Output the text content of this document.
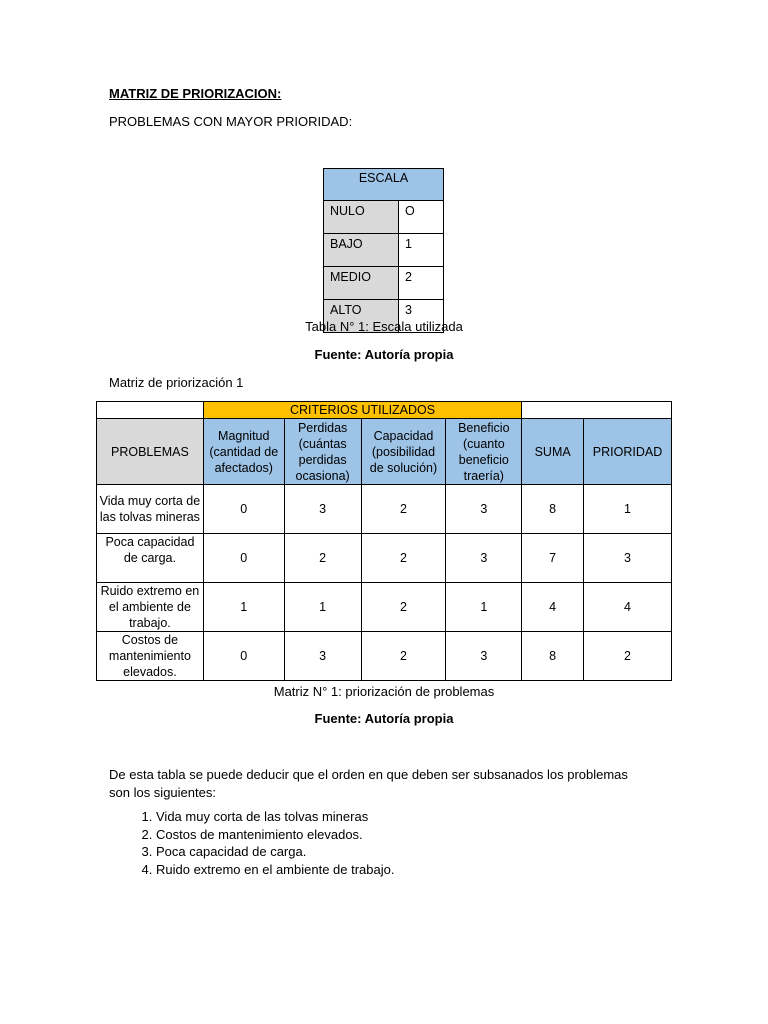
MATRIZ DE PRIORIZACION:
PROBLEMAS CON MAYOR PRIORIDAD:
ESCALA	
NULO	O
BAJO	1
MEDIO	2
ALTO	3
Tabla N° 1: Escala utilizada
Fuente: Autoría propia
Matriz de priorización 1
	CRITERIOS UTILIZADOS					
PROBLEMAS	Magnitud (cantidad de afectados)	Perdidas (cuántas perdidas ocasiona)	Capacidad (posibilidad de solución)	Beneficio (cuanto beneficio traería)	SUMA	PRIORIDAD
Vida muy corta de las tolvas mineras	0	3	2	3	8	1
Poca capacidad de carga.	0	2	2	3	7	3
Ruido extremo en el ambiente de trabajo.	1	1	2	1	4	4
Costos de mantenimiento elevados.	0	3	2	3	8	2
Matriz N° 1: priorización de problemas
Fuente: Autoría propia
De esta tabla se puede deducir que el orden en que deben ser subsanados los problemas son los siguientes:
1. Vida muy corta de las tolvas mineras
2. Costos de mantenimiento elevados.
3. Poca capacidad de carga.
4. Ruido extremo en el ambiente de trabajo.
